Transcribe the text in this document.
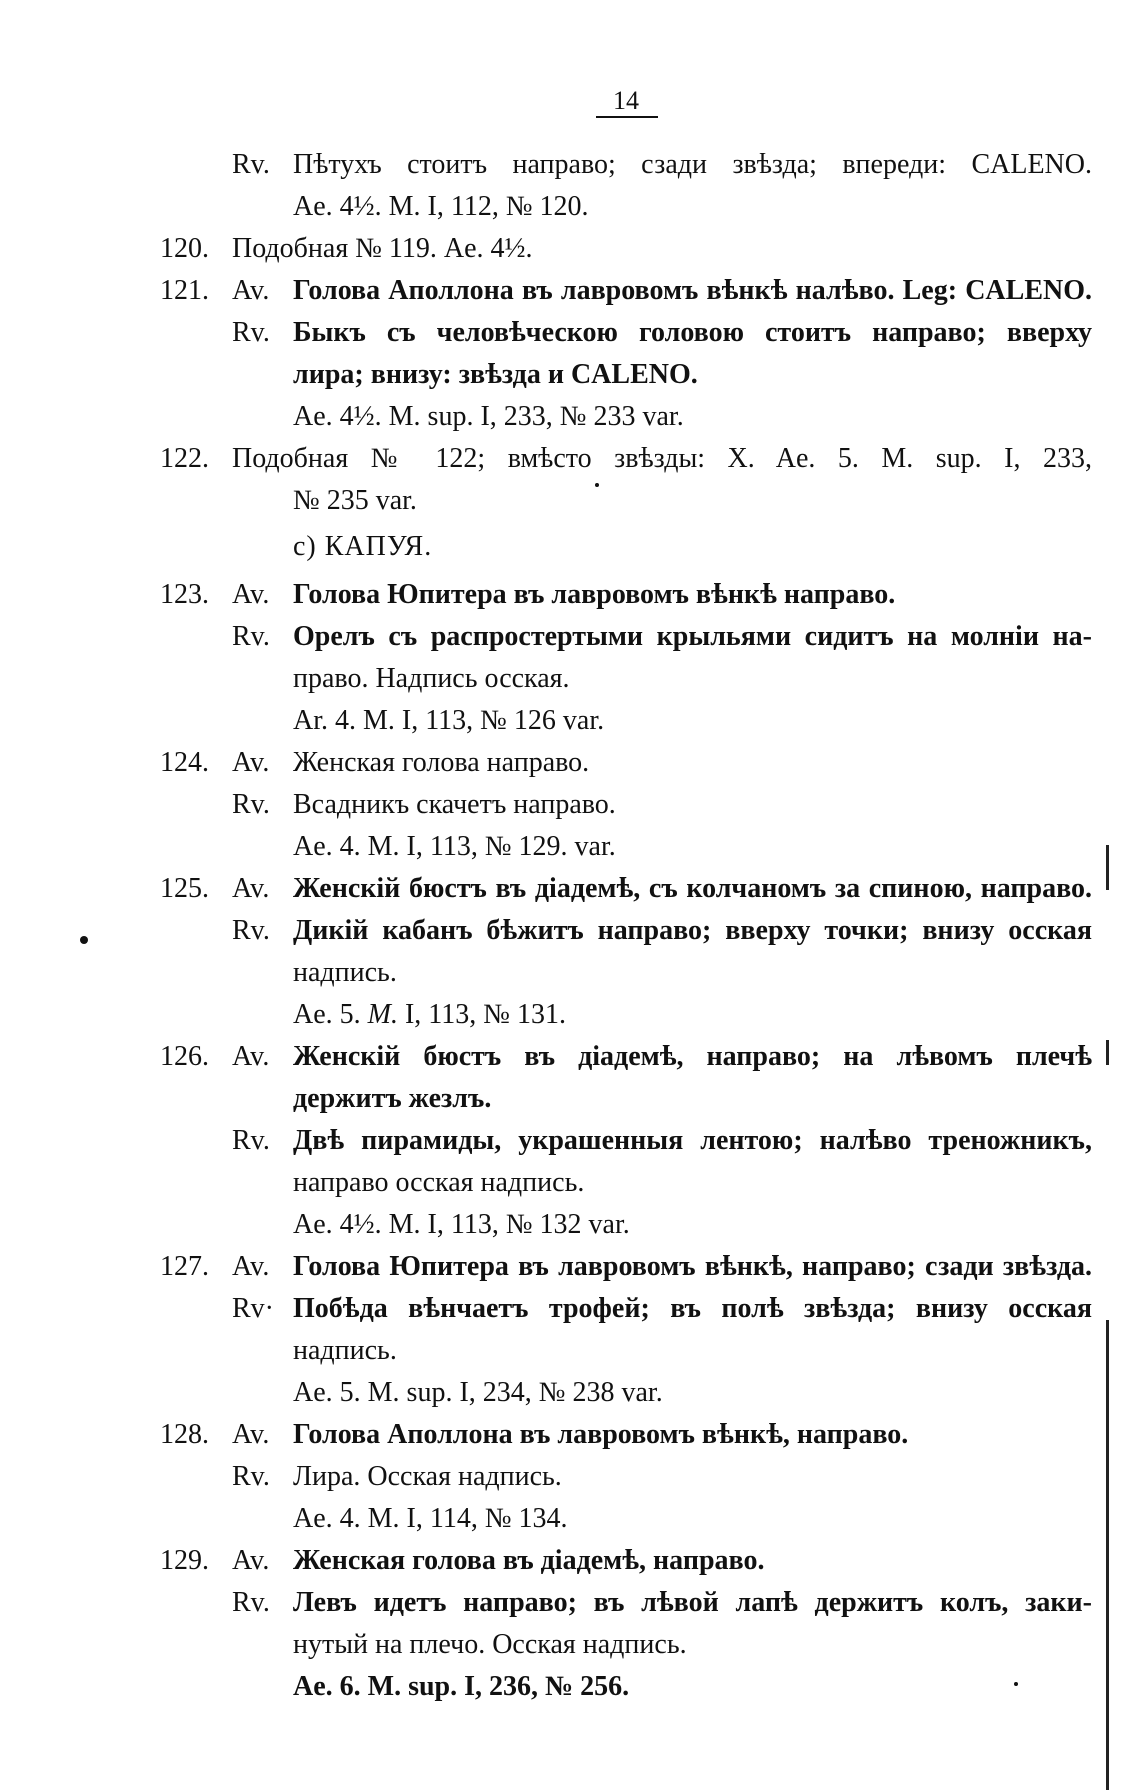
14
Rv. Пѣтухъ стоитъ направо; сзади звѣзда; впереди: CALENO.
Ae. 4½. M. I, 112, № 120.
120. Подобная № 119. Ae. 4½.
121. Av. Голова Аполлона въ лавровомъ вѣнкѣ налѣво. Leg: CALENO.
Rv. Быкъ съ человѣческою головою стоитъ направо; вверху
лира; внизу: звѣзда и CALENO.
Ae. 4½. M. sup. I, 233, № 233 var.
122. Подобная № 122; вмѣсто звѣзды: X. Ae. 5. M. sup. I, 233,
№ 235 var.
c) КАПУЯ.
123. Av. Голова Юпитера въ лавровомъ вѣнкѣ направо.
Rv. Орелъ съ распростертыми крыльями сидитъ на молніи на-
право. Надпись осская.
Ar. 4. M. I, 113, № 126 var.
124. Av. Женская голова направо.
Rv. Всадникъ скачетъ направо.
Ae. 4. M. I, 113, № 129. var.
125. Av. Женскій бюстъ въ діадемѣ, съ колчаномъ за спиною, направо.
Rv. Дикій кабанъ бѣжитъ направо; вверху точки; внизу осская
надпись.
Ae. 5. M. I, 113, № 131.
126. Av. Женскій бюстъ въ діадемѣ, направо; на лѣвомъ плечѣ
держитъ жезлъ.
Rv. Двѣ пирамиды, украшенныя лентою; налѣво треножникъ,
направо осская надпись.
Ae. 4½. M. I, 113, № 132 var.
127. Av. Голова Юпитера въ лавровомъ вѣнкѣ, направо; сзади звѣзда.
Rv· Побѣда вѣнчаетъ трофей; въ полѣ звѣзда; внизу осская
надпись.
Ae. 5. M. sup. I, 234, № 238 var.
128. Av. Голова Аполлона въ лавровомъ вѣнкѣ, направо.
Rv. Лира. Осская надпись.
Ae. 4. M. I, 114, № 134.
129. Av. Женская голова въ діадемѣ, направо.
Rv. Левъ идетъ направо; въ лѣвой лапѣ держитъ колъ, заки-
нутый на плечо. Осская надпись.
Ae. 6. M. sup. I, 236, № 256.
